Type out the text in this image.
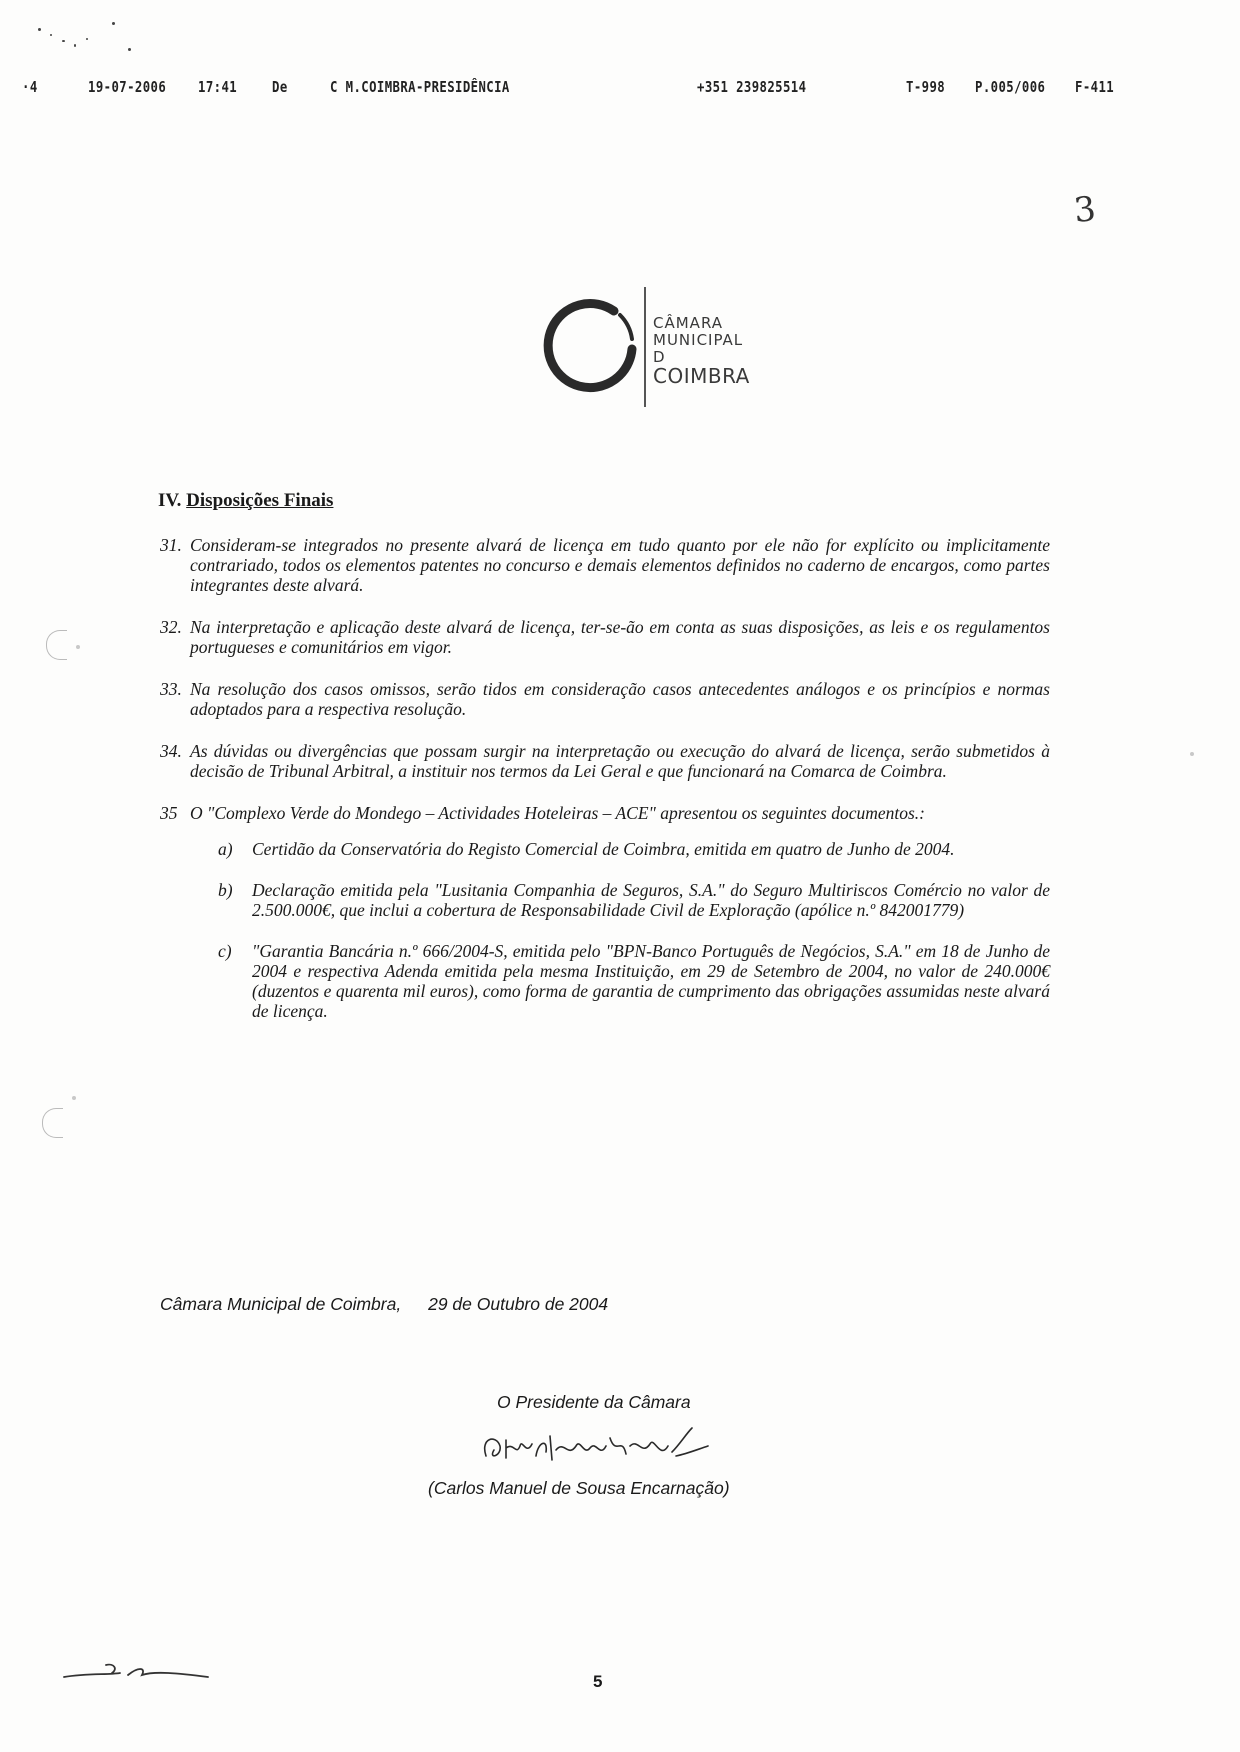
·4	19-07-2006 17:41 De	C M.COIMBRA-PRESIDÊNCIA	+351 239825514	T-998 P.005/006 F-411
3
CÂMARA
MUNICIPAL
D
COIMBRA
IV. Disposições Finais
31. Consideram-se integrados no presente alvará de licença em tudo quanto por ele não for explícito ou implicitamente contrariado, todos os elementos patentes no concurso e demais elementos definidos no caderno de encargos, como partes integrantes deste alvará.
32. Na interpretação e aplicação deste alvará de licença, ter-se-ão em conta as suas disposições, as leis e os regulamentos portugueses e comunitários em vigor.
33. Na resolução dos casos omissos, serão tidos em consideração casos antecedentes análogos e os princípios e normas adoptados para a respectiva resolução.
34. As dúvidas ou divergências que possam surgir na interpretação ou execução do alvará de licença, serão submetidos à decisão de Tribunal Arbitral, a instituir nos termos da Lei Geral e que funcionará na Comarca de Coimbra.
35 O "Complexo Verde do Mondego – Actividades Hoteleiras – ACE" apresentou os seguintes documentos.:
a) Certidão da Conservatória do Registo Comercial de Coimbra, emitida em quatro de Junho de 2004.
b) Declaração emitida pela "Lusitania Companhia de Seguros, S.A." do Seguro Multiriscos Comércio no valor de 2.500.000€, que inclui a cobertura de Responsabilidade Civil de Exploração (apólice n.º 842001779)
c) "Garantia Bancária n.º 666/2004-S, emitida pelo "BPN-Banco Português de Negócios, S.A." em 18 de Junho de 2004 e respectiva Adenda emitida pela mesma Instituição, em 29 de Setembro de 2004, no valor de 240.000€ (duzentos e quarenta mil euros), como forma de garantia de cumprimento das obrigações assumidas neste alvará de licença.
Câmara Municipal de Coimbra, 29 de Outubro de 2004
O Presidente da Câmara
(Carlos Manuel de Sousa Encarnação)
5
